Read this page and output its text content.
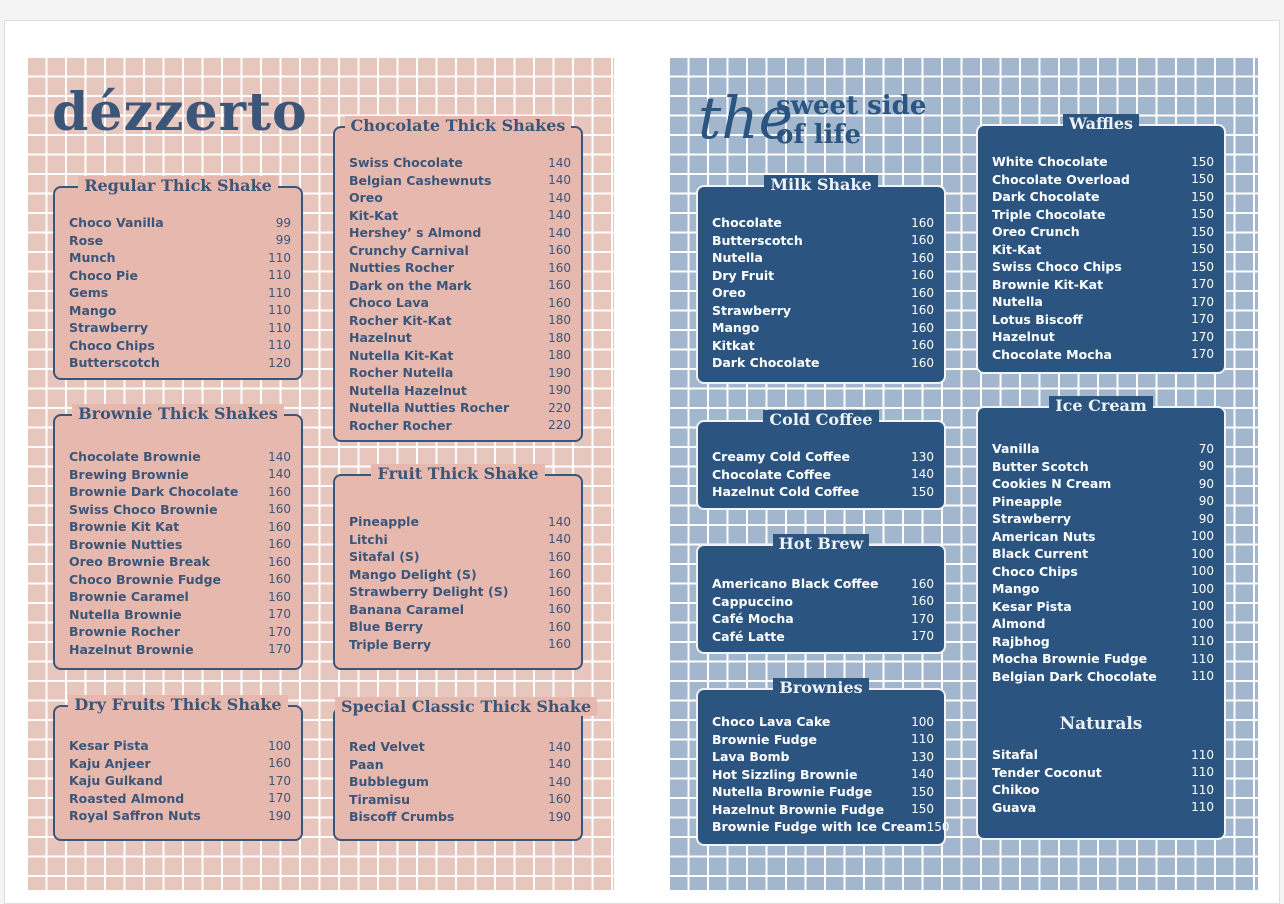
dézzerto
Regular Thick Shake
Choco Vanilla	99
Rose	99
Munch	110
Choco Pie	110
Gems	110
Mango	110
Strawberry	110
Choco Chips	110
Butterscotch	120
Brownie Thick Shakes
Chocolate Brownie	140
Brewing Brownie	140
Brownie Dark Chocolate 160
Swiss Choco Brownie	160
Brownie Kit Kat	160
Brownie Nutties	160
Oreo Brownie Break	160
Choco Brownie Fudge	160
Brownie Caramel	160
Nutella Brownie	170
Brownie Rocher	170
Hazelnut Brownie	170
Dry Fruits Thick Shake
Kesar Pista	100
Kaju Anjeer	160
Kaju Gulkand	170
Roasted Almond	170
Royal Saffron Nuts	190
Chocolate Thick Shakes
Swiss Chocolate	140
Belgian Cashewnuts	140
Oreo	140
Kit-Kat	140
Hershey’ s Almond	140
Crunchy Carnival	160
Nutties Rocher	160
Dark on the Mark	160
Choco Lava	160
Rocher Kit-Kat	180
Hazelnut	180
Nutella Kit-Kat	180
Rocher Nutella	190
Nutella Hazelnut	190
Nutella Nutties Rocher	220
Rocher Rocher	220
Fruit Thick Shake
Pineapple	140
Litchi	140
Sitafal (S)	160
Mango Delight (S)	160
Strawberry Delight (S)	160
Banana Caramel	160
Blue Berry	160
Triple Berry	160
Special Classic Thick Shake
Red Velvet	140
Paan	140
Bubblegum	140
Tiramisu	160
Biscoff Crumbs	190
the
sweet side
of life
Milk Shake
Chocolate	160
Butterscotch	160
Nutella	160
Dry Fruit	160
Oreo	160
Strawberry	160
Mango	160
Kitkat	160
Dark Chocolate	160
Cold Coffee
Creamy Cold Coffee	130
Chocolate Coffee	140
Hazelnut Cold Coffee	150
Hot Brew
Americano Black Coffee	160
Cappuccino	160
Café Mocha	170
Café Latte	170
Brownies
Choco Lava Cake	100
Brownie Fudge	110
Lava Bomb	130
Hot Sizzling Brownie	140
Nutella Brownie Fudge	150
Hazelnut Brownie Fudge 150
Brownie Fudge with Ice Cream 150
Waffles
White Chocolate	150
Chocolate Overload	150
Dark Chocolate	150
Triple Chocolate	150
Oreo Crunch	150
Kit-Kat	150
Swiss Choco Chips	150
Brownie Kit-Kat	170
Nutella	170
Lotus Biscoff	170
Hazelnut	170
Chocolate Mocha	170
Ice Cream
Vanilla	70
Butter Scotch	90
Cookies N Cream	90
Pineapple	90
Strawberry	90
American Nuts	100
Black Current	100
Choco Chips	100
Mango	100
Kesar Pista	100
Almond	100
Rajbhog	110
Mocha Brownie Fudge	110
Belgian Dark Chocolate	110
Naturals
Sitafal	110
Tender Coconut	110
Chikoo	110
Guava	110
